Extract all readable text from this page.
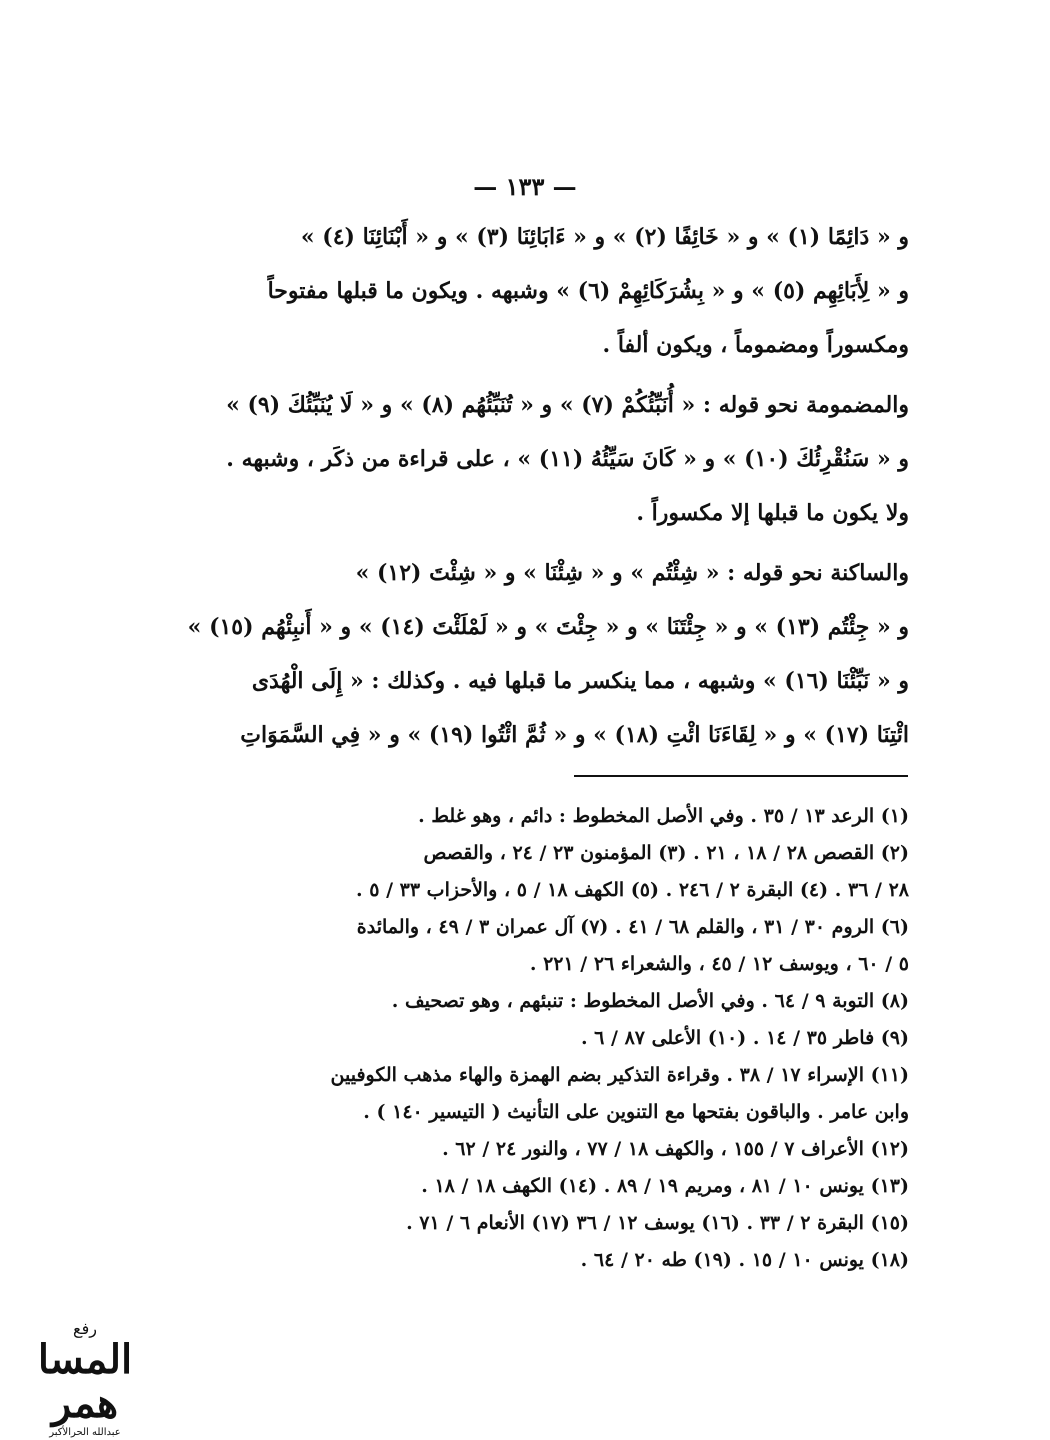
— ١٣٣ —
و « دَائِمًا (١) » و « خَائِفًا (٢) » و « ءَابَائِنَا (٣) » و « أَبْنَائِنَا (٤) »
و « لِأَبَائِهِم (٥) » و « بِشُرَكَائِهِمْ (٦) » وشبهه . ويكون ما قبلها مفتوحاً
ومكسوراً ومضموماً ، ويكون ألفاً .
والمضمومة نحو قوله : « أُنَبِّئُكُمْ (٧) » و « تُنَبِّئُهُم (٨) » و « لَا يُنَبِّئُكَ (٩) »
و « سَنُقْرِئُكَ (١٠) » و « كَانَ سَيِّئُهُ (١١) » ، على قراءة من ذكَر ، وشبهه .
ولا يكون ما قبلها إلا مكسوراً .
والساكنة نحو قوله : « شِئْتُم » و « شِئْنَا » و « شِئْتَ (١٢) »
و « جِئْتُم (١٣) » و « جِئْتَنَا » و « جِئْتَ » و « لَمْلَئْتَ (١٤) » و « أَنبِئْهُم (١٥) »
و « نَبِّئْنَا (١٦) » وشبهه ، مما ينكسر ما قبلها فيه . وكذلك : « إِلَى الْهُدَى
ائْتِنَا (١٧) » و « لِقَاءَنَا ائْتِ (١٨) » و « ثُمَّ ائْتُوا (١٩) » و « فِي السَّمَوَاتِ
(١) الرعد ١٣ / ٣٥ . وفي الأصل المخطوط : دائم ، وهو غلط .
(٢) القصص ٢٨ / ١٨ ، ٢١ . (٣) المؤمنون ٢٣ / ٢٤ ، والقصص
٢٨ / ٣٦ . (٤) البقرة ٢ / ٢٤٦ . (٥) الكهف ١٨ / ٥ ، والأحزاب ٣٣ / ٥ .
(٦) الروم ٣٠ / ٣١ ، والقلم ٦٨ / ٤١ . (٧) آل عمران ٣ / ٤٩ ، والمائدة
٥ / ٦٠ ، ويوسف ١٢ / ٤٥ ، والشعراء ٢٦ / ٢٢١ .
(٨) التوبة ٩ / ٦٤ . وفي الأصل المخطوط : تنبئهم ، وهو تصحيف .
(٩) فاطر ٣٥ / ١٤ . (١٠) الأعلى ٨٧ / ٦ .
(١١) الإسراء ١٧ / ٣٨ . وقراءة التذكير بضم الهمزة والهاء مذهب الكوفيين
وابن عامر . والباقون بفتحها مع التنوين على التأنيث ( التيسير ١٤٠ ) .
(١٢) الأعراف ٧ / ١٥٥ ، والكهف ١٨ / ٧٧ ، والنور ٢٤ / ٦٢ .
(١٣) يونس ١٠ / ٨١ ، ومريم ١٩ / ٨٩ . (١٤) الكهف ١٨ / ١٨ .
(١٥) البقرة ٢ / ٣٣ . (١٦) يوسف ١٢ / ٣٦ (١٧) الأنعام ٦ / ٧١ .
(١٨) يونس ١٠ / ١٥ . (١٩) طه ٢٠ / ٦٤ .
رفع
المسا همر
عبدالله الحرالأكبر
